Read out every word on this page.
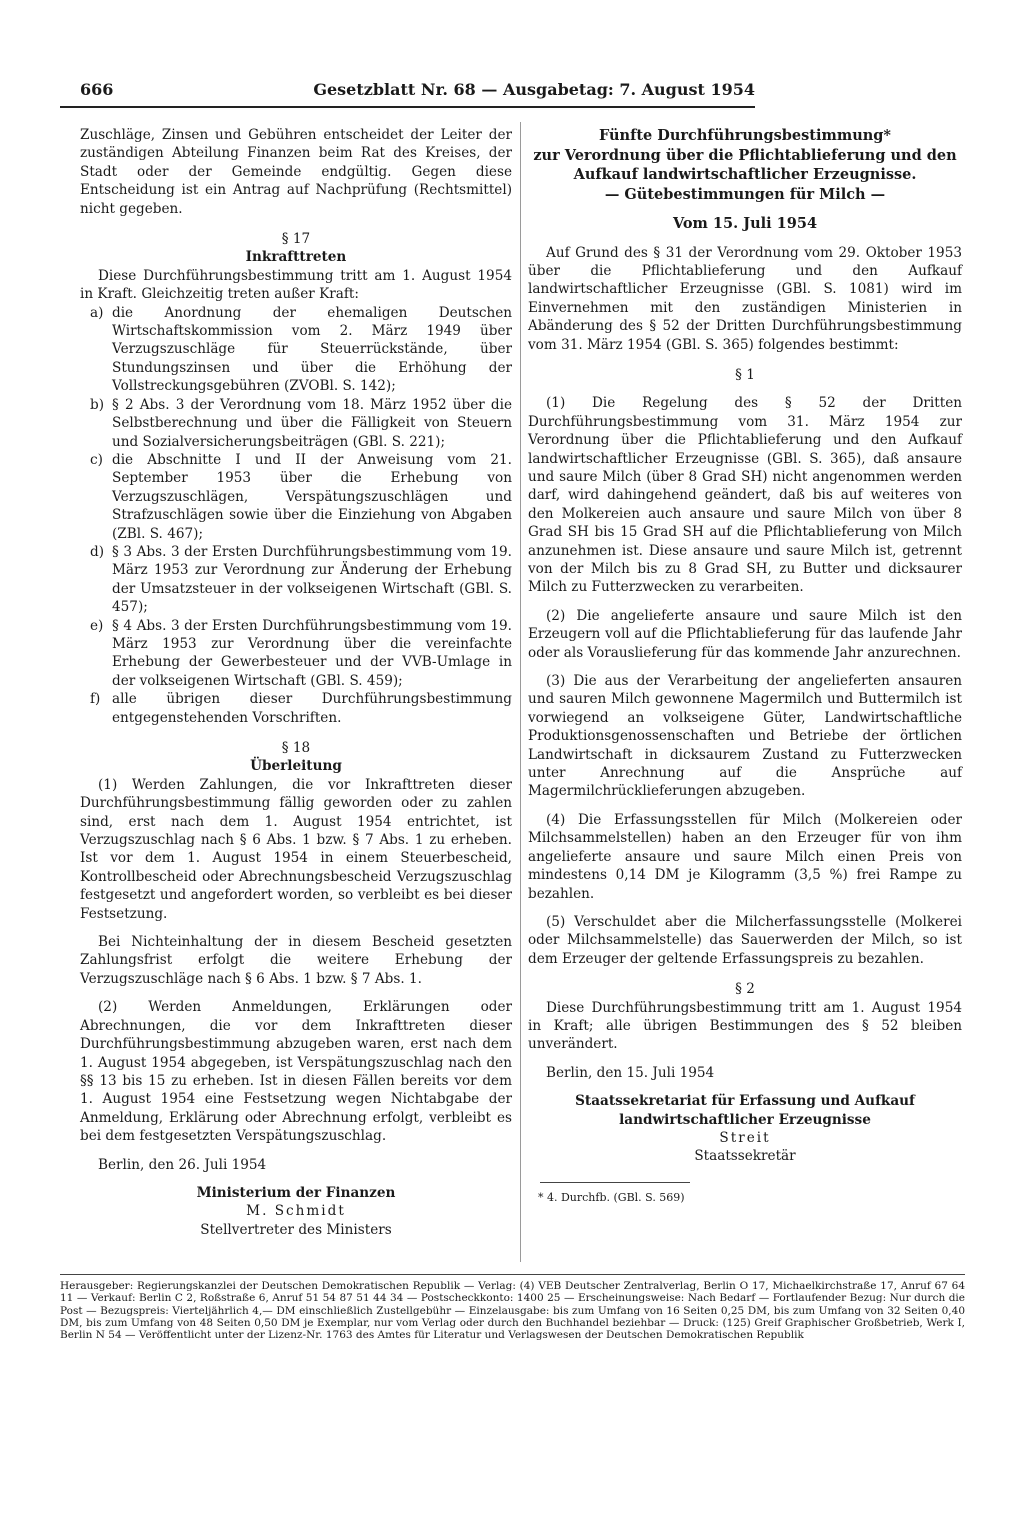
666	Gesetzblatt Nr. 68 — Ausgabetag: 7. August 1954

Zuschläge, Zinsen und Gebühren entscheidet der Leiter der zuständigen Abteilung Finanzen beim Rat des Kreises, der Stadt oder der Gemeinde endgültig. Gegen diese Entscheidung ist ein Antrag auf Nachprüfung (Rechtsmittel) nicht gegeben.

§ 17

Inkrafttreten

Diese Durchführungsbestimmung tritt am 1. August 1954 in Kraft. Gleichzeitig treten außer Kraft:

a) die Anordnung der ehemaligen Deutschen Wirtschaftskommission vom 2. März 1949 über Verzugszuschläge für Steuerrückstände, über Stundungszinsen und über die Erhöhung der Vollstreckungsgebühren (ZVOBl. S. 142);
b) § 2 Abs. 3 der Verordnung vom 18. März 1952 über die Selbstberechnung und über die Fälligkeit von Steuern und Sozialversicherungsbeiträgen (GBl. S. 221);
c) die Abschnitte I und II der Anweisung vom 21. September 1953 über die Erhebung von Verzugszuschlägen, Verspätungszuschlägen und Strafzuschlägen sowie über die Einziehung von Abgaben (ZBl. S. 467);
d) § 3 Abs. 3 der Ersten Durchführungsbestimmung vom 19. März 1953 zur Verordnung zur Änderung der Erhebung der Umsatzsteuer in der volkseigenen Wirtschaft (GBl. S. 457);
e) § 4 Abs. 3 der Ersten Durchführungsbestimmung vom 19. März 1953 zur Verordnung über die vereinfachte Erhebung der Gewerbesteuer und der VVB-Umlage in der volkseigenen Wirtschaft (GBl. S. 459);
f) alle übrigen dieser Durchführungsbestimmung entgegenstehenden Vorschriften.

§ 18

Überleitung

(1) Werden Zahlungen, die vor Inkrafttreten dieser Durchführungsbestimmung fällig geworden oder zu zahlen sind, erst nach dem 1. August 1954 entrichtet, ist Verzugszuschlag nach § 6 Abs. 1 bzw. § 7 Abs. 1 zu erheben. Ist vor dem 1. August 1954 in einem Steuerbescheid, Kontrollbescheid oder Abrechnungsbescheid Verzugszuschlag festgesetzt und angefordert worden, so verbleibt es bei dieser Festsetzung.

Bei Nichteinhaltung der in diesem Bescheid gesetzten Zahlungsfrist erfolgt die weitere Erhebung der Verzugszuschläge nach § 6 Abs. 1 bzw. § 7 Abs. 1.

(2) Werden Anmeldungen, Erklärungen oder Abrechnungen, die vor dem Inkrafttreten dieser Durchführungsbestimmung abzugeben waren, erst nach dem 1. August 1954 abgegeben, ist Verspätungszuschlag nach den §§ 13 bis 15 zu erheben. Ist in diesen Fällen bereits vor dem 1. August 1954 eine Festsetzung wegen Nichtabgabe der Anmeldung, Erklärung oder Abrechnung erfolgt, verbleibt es bei dem festgesetzten Verspätungszuschlag.

Berlin, den 26. Juli 1954

Ministerium der Finanzen

M. Schmidt

Stellvertreter des Ministers

Fünfte Durchführungsbestimmung*

zur Verordnung über die Pflichtablieferung und den Aufkauf landwirtschaftlicher Erzeugnisse.

— Gütebestimmungen für Milch —

Vom 15. Juli 1954

Auf Grund des § 31 der Verordnung vom 29. Oktober 1953 über die Pflichtablieferung und den Aufkauf landwirtschaftlicher Erzeugnisse (GBl. S. 1081) wird im Einvernehmen mit den zuständigen Ministerien in Abänderung des § 52 der Dritten Durchführungsbestimmung vom 31. März 1954 (GBl. S. 365) folgendes bestimmt:

§ 1

(1) Die Regelung des § 52 der Dritten Durchführungsbestimmung vom 31. März 1954 zur Verordnung über die Pflichtablieferung und den Aufkauf landwirtschaftlicher Erzeugnisse (GBl. S. 365), daß ansaure und saure Milch (über 8 Grad SH) nicht angenommen werden darf, wird dahingehend geändert, daß bis auf weiteres von den Molkereien auch ansaure und saure Milch von über 8 Grad SH bis 15 Grad SH auf die Pflichtablieferung von Milch anzunehmen ist. Diese ansaure und saure Milch ist, getrennt von der Milch bis zu 8 Grad SH, zu Butter und dicksaurer Milch zu Futterzwecken zu verarbeiten.

(2) Die angelieferte ansaure und saure Milch ist den Erzeugern voll auf die Pflichtablieferung für das laufende Jahr oder als Vorauslieferung für das kommende Jahr anzurechnen.

(3) Die aus der Verarbeitung der angelieferten ansauren und sauren Milch gewonnene Magermilch und Buttermilch ist vorwiegend an volkseigene Güter, Landwirtschaftliche Produktionsgenossenschaften und Betriebe der örtlichen Landwirtschaft in dicksaurem Zustand zu Futterzwecken unter Anrechnung auf die Ansprüche auf Magermilchrücklieferungen abzugeben.

(4) Die Erfassungsstellen für Milch (Molkereien oder Milchsammelstellen) haben an den Erzeuger für von ihm angelieferte ansaure und saure Milch einen Preis von mindestens 0,14 DM je Kilogramm (3,5 %) frei Rampe zu bezahlen.

(5) Verschuldet aber die Milcherfassungsstelle (Molkerei oder Milchsammelstelle) das Sauerwerden der Milch, so ist dem Erzeuger der geltende Erfassungspreis zu bezahlen.

§ 2

Diese Durchführungsbestimmung tritt am 1. August 1954 in Kraft; alle übrigen Bestimmungen des § 52 bleiben unverändert.

Berlin, den 15. Juli 1954

Staatssekretariat für Erfassung und Aufkauf

landwirtschaftlicher Erzeugnisse

Streit

Staatssekretär

* 4. Durchfb. (GBl. S. 569)

Herausgeber: Regierungskanzlei der Deutschen Demokratischen Republik — Verlag: (4) VEB Deutscher Zentralverlag, Berlin O 17, Michaelkirchstraße 17, Anruf 67 64 11 — Verkauf: Berlin C 2, Roßstraße 6, Anruf 51 54 87 51 44 34 — Postscheckkonto: 1400 25 — Erscheinungsweise: Nach Bedarf — Fortlaufender Bezug: Nur durch die Post — Bezugspreis: Vierteljährlich 4,— DM einschließlich Zustellgebühr — Einzelausgabe: bis zum Umfang von 16 Seiten 0,25 DM, bis zum Umfang von 32 Seiten 0,40 DM, bis zum Umfang von 48 Seiten 0,50 DM je Exemplar, nur vom Verlag oder durch den Buchhandel beziehbar — Druck: (125) Greif Graphischer Großbetrieb, Werk I, Berlin N 54 — Veröffentlicht unter der Lizenz-Nr. 1763 des Amtes für Literatur und Verlagswesen der Deutschen Demokratischen Republik
